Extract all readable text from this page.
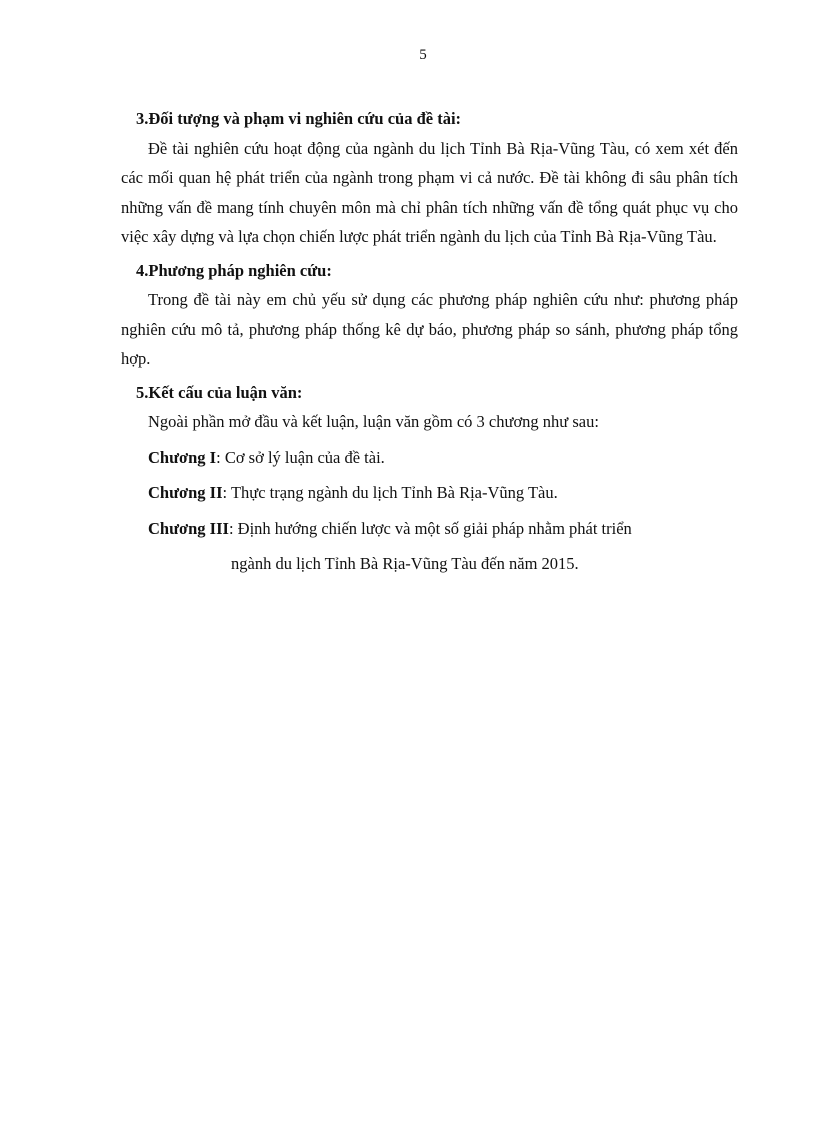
5

3.Đối tượng và phạm vi nghiên cứu của đề tài:

Đề tài nghiên cứu hoạt động của ngành du lịch Tỉnh Bà Rịa-Vũng Tàu, có xem xét đến các mối quan hệ phát triển của ngành trong phạm vi cả nước. Đề tài không đi sâu phân tích những vấn đề mang tính chuyên môn mà chỉ phân tích những vấn đề tổng quát phục vụ cho việc xây dựng và lựa chọn chiến lược phát triển ngành du lịch của Tỉnh Bà Rịa-Vũng Tàu.

4.Phương pháp nghiên cứu:

Trong đề tài này em chủ yếu sử dụng các phương pháp nghiên cứu như: phương pháp nghiên cứu mô tả, phương pháp thống kê dự báo, phương pháp so sánh, phương pháp tổng hợp.

5.Kết cấu của luận văn:

Ngoài phần mở đầu và kết luận, luận văn gồm có 3 chương như sau:

Chương I: Cơ sở lý luận của đề tài.

Chương II: Thực trạng ngành du lịch Tỉnh Bà Rịa-Vũng Tàu.

Chương III: Định hướng chiến lược và một số giải pháp nhằm phát triển

ngành du lịch Tỉnh Bà Rịa-Vũng Tàu đến năm 2015.
